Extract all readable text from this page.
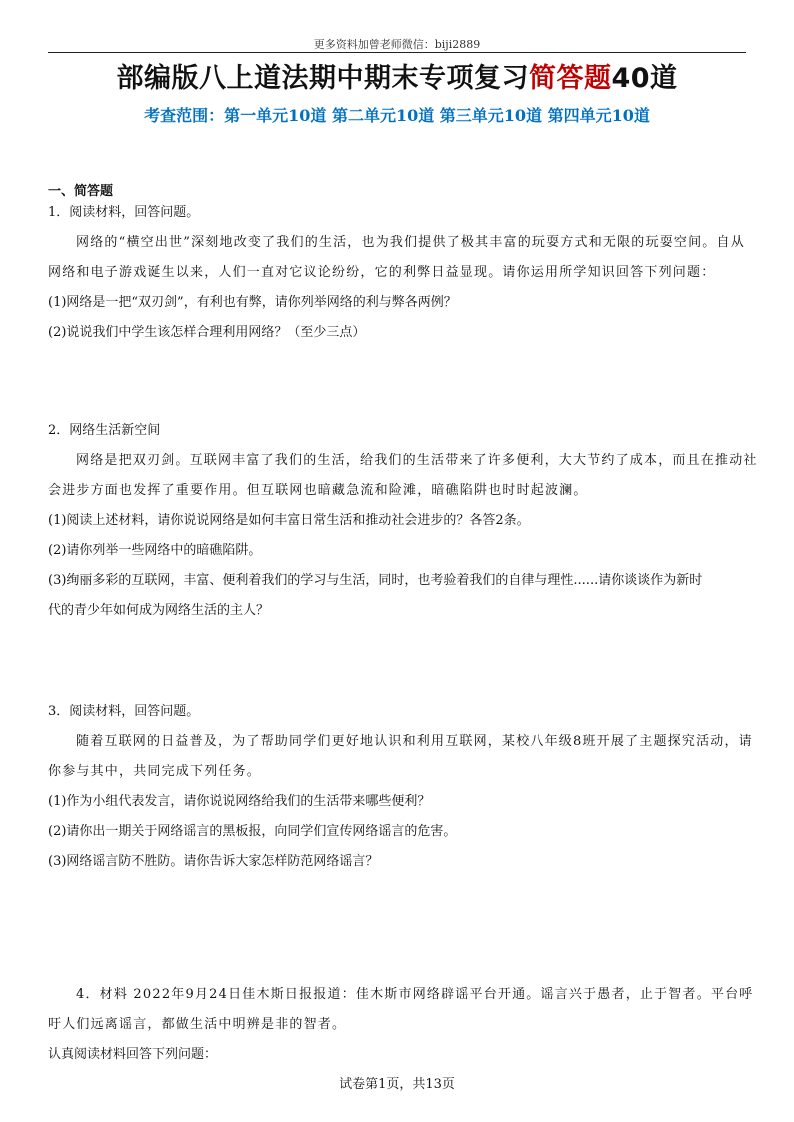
更多资料加曾老师微信：biji2889
部编版八上道法期中期末专项复习简答题40道
考查范围：第一单元10道 第二单元10道 第三单元10道 第四单元10道
一、简答题
1．阅读材料，回答问题。
网络的“横空出世”深刻地改变了我们的生活，也为我们提供了极其丰富的玩耍方式和无限的玩耍空间。自从
网络和电子游戏诞生以来，人们一直对它议论纷纷，它的利弊日益显现。请你运用所学知识回答下列问题：
(1)网络是一把“双刃剑”，有利也有弊，请你列举网络的利与弊各两例？
(2)说说我们中学生该怎样合理利用网络？（至少三点）
2．网络生活新空间
网络是把双刃剑。互联网丰富了我们的生活，给我们的生活带来了许多便利，大大节约了成本，而且在推动社
会进步方面也发挥了重要作用。但互联网也暗藏急流和险滩，暗礁陷阱也时时起波澜。
(1)阅读上述材料，请你说说网络是如何丰富日常生活和推动社会进步的？各答2条。
(2)请你列举一些网络中的暗礁陷阱。
(3)绚丽多彩的互联网，丰富、便利着我们的学习与生活，同时，也考验着我们的自律与理性......请你谈谈作为新时
代的青少年如何成为网络生活的主人？
3．阅读材料，回答问题。
随着互联网的日益普及，为了帮助同学们更好地认识和利用互联网，某校八年级8班开展了主题探究活动，请
你参与其中，共同完成下列任务。
(1)作为小组代表发言，请你说说网络给我们的生活带来哪些便利？
(2)请你出一期关于网络谣言的黑板报，向同学们宣传网络谣言的危害。
(3)网络谣言防不胜防。请你告诉大家怎样防范网络谣言？
4．材料 2022年9月24日佳木斯日报报道：佳木斯市网络辟谣平台开通。谣言兴于愚者，止于智者。平台呼
吁人们远离谣言，都做生活中明辨是非的智者。
认真阅读材料回答下列问题：
试卷第1页，共13页
